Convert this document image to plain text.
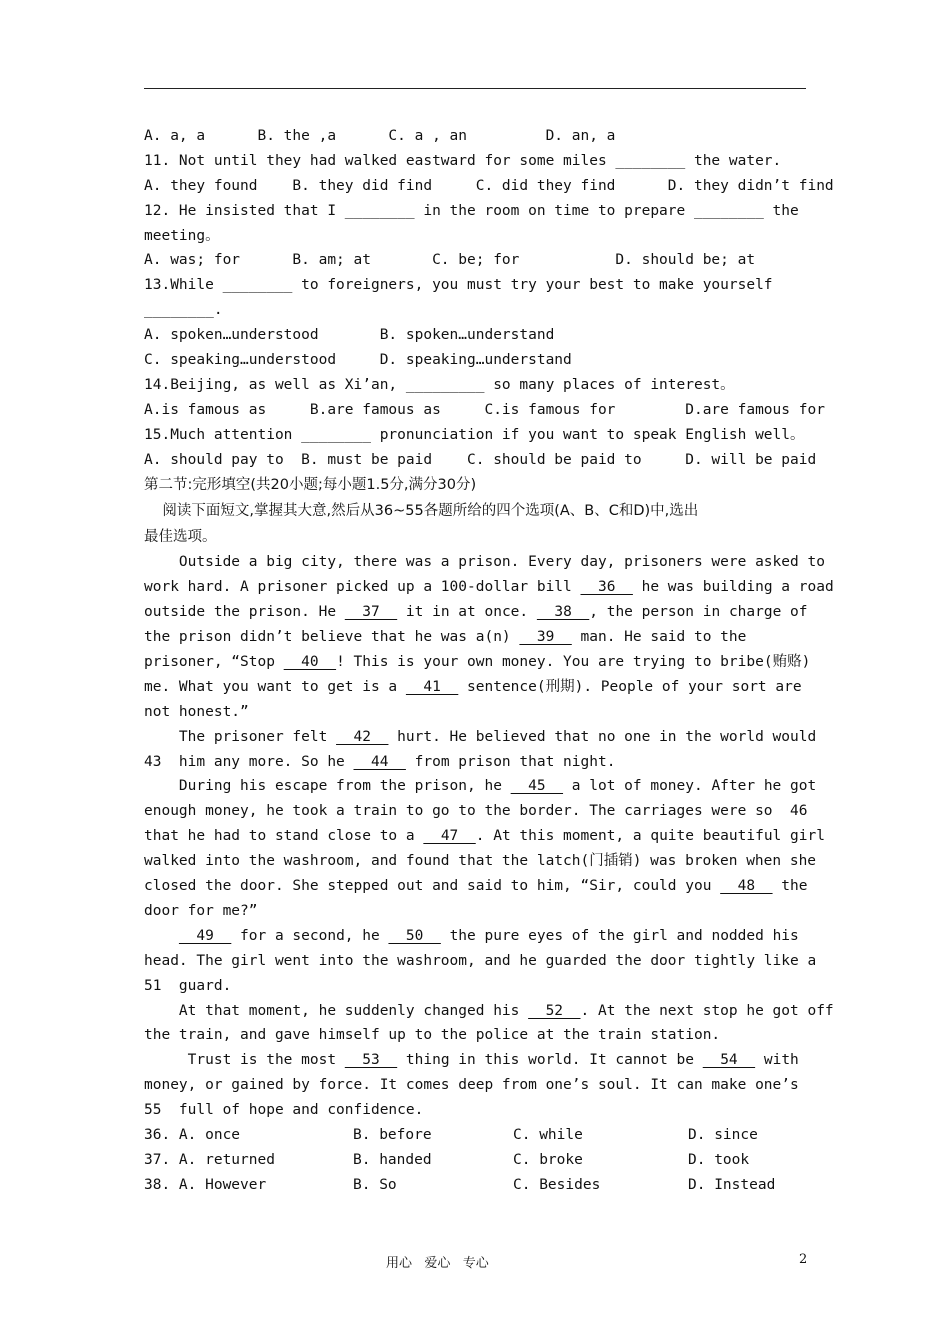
A. a, a      B. the ,a      C. a , an         D. an, a
11. Not until they had walked eastward for some miles ________ the water.
A. they found    B. they did find     C. did they find      D. they didn’t find
12. He insisted that I ________ in the room on time to prepare ________ the
meeting。
A. was; for      B. am; at       C. be; for           D. should be; at
13.While ________ to foreigners, you must try your best to make yourself
________.
A. spoken…understood       B. spoken…understand
C. speaking…understood     D. speaking…understand
14.Beijing, as well as Xi’an, _________ so many places of interest。
A.is famous as     B.are famous as     C.is famous for        D.are famous for
15.Much attention ________ pronunciation if you want to speak English well。
A. should pay to  B. must be paid    C. should be paid to     D. will be paid
第二节:完形填空(共20小题;每小题1.5分,满分30分)
阅读下面短文,掌握其大意,然后从36~55各题所给的四个选项(A、B、C和D)中,选出
最佳选项。
Outside a big city, there was a prison. Every day, prisoners were asked to
work hard. A prisoner picked up a 100-dollar bill   36   he was building a road
outside the prison. He   37   it in at once.   38  , the person in charge of
the prison didn’t believe that he was a(n)   39   man. He said to the
prisoner, “Stop   40  ! This is your own money. You are trying to bribe(贿赂)
me. What you want to get is a   41   sentence(刑期). People of your sort are
not honest.”
The prisoner felt   42   hurt. He believed that no one in the world would
43  him any more. So he   44   from prison that night.
During his escape from the prison, he   45   a lot of money. After he got
enough money, he took a train to go to the border. The carriages were so  46
that he had to stand close to a   47  . At this moment, a quite beautiful girl
walked into the washroom, and found that the latch(门插销) was broken when she
closed the door. She stepped out and said to him, “Sir, could you   48   the
door for me?”
49   for a second, he   50   the pure eyes of the girl and nodded his
head. The girl went into the washroom, and he guarded the door tightly like a
51  guard.
At that moment, he suddenly changed his   52  . At the next stop he got off
the train, and gave himself up to the police at the train station.
Trust is the most   53   thing in this world. It cannot be   54   with
money, or gained by force. It comes deep from one’s soul. It can make one’s
55  full of hope and confidence.
36. A. once	B. before	C. while	D. since
37. A. returned	B. handed	C. broke	D. took
38. A. However	B. So	C. Besides	D. Instead
用心   爱心   专心	2
